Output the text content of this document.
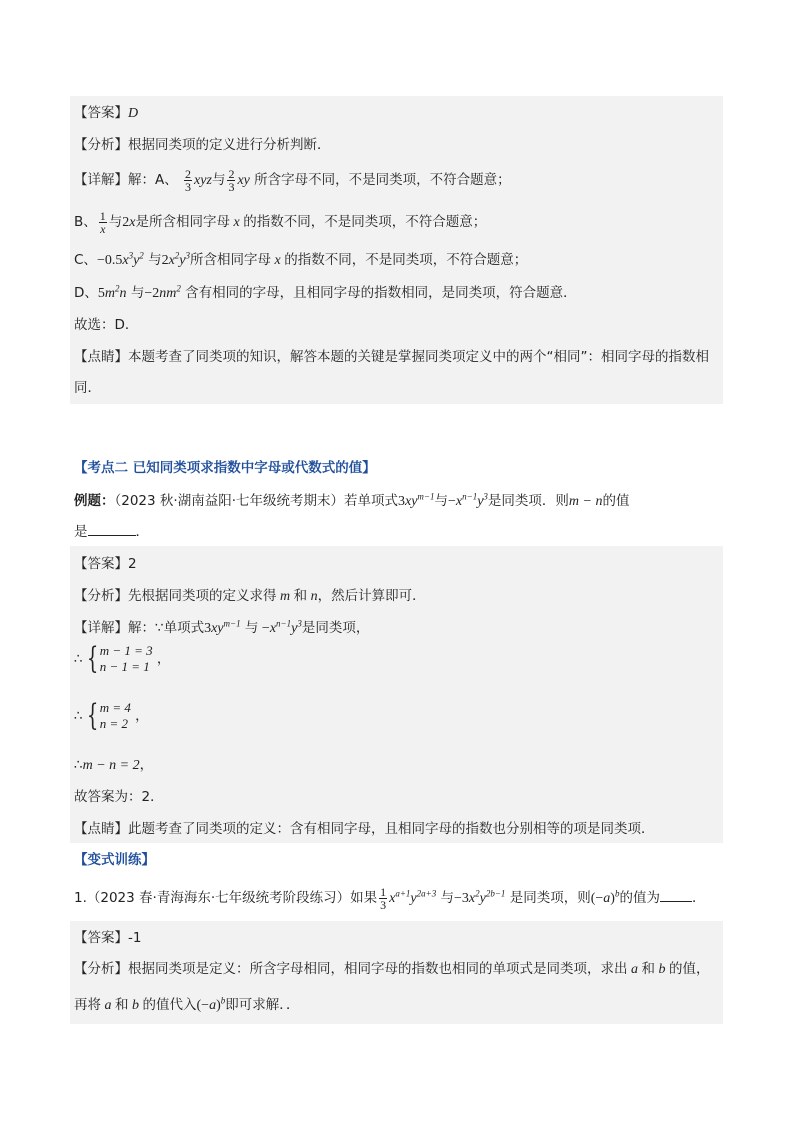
【答案】D
【分析】根据同类项的定义进行分析判断．
【详解】解：A、 $\frac{2}{3}$ xyz与 $\frac{2}{3}$ xy 所含字母不同，不是同类项，不符合题意；
B、 $\frac{1}{x}$ 与2x是所含相同字母 x 的指数不同，不是同类项，不符合题意；
C、$-0.5x^3y^2$ 与$2x^2y^3$所含相同字母 x 的指数不同，不是同类项，不符合题意；
D、$5m^2n$ 与$-2nm^2$ 含有相同的字母，且相同字母的指数相同，是同类项，符合题意．
故选：D．
【点睛】本题考查了同类项的知识，解答本题的关键是掌握同类项定义中的两个“相同”：相同字母的指数相
同．
【考点二 已知同类项求指数中字母或代数式的值】
例题：（2023 秋·湖南益阳·七年级统考期末）若单项式$3xy^{m-1}$与$-x^{n-1}y^3$是同类项．则m − n的值
是	．
【答案】2
【分析】先根据同类项的定义求得 m 和 n，然后计算即可．
【详解】解：∵单项式$3xy^{m-1}$ 与 $-x^{n-1}y^3$是同类项，
∴ { m − 1 = 3
n − 1 = 1 ，
∴ { m = 4
n = 2 ，
∴m − n = 2，
故答案为：2．
【点睛】此题考查了同类项的定义：含有相同字母，且相同字母的指数也分别相等的项是同类项．
【变式训练】
1.（2023 春·青海海东·七年级统考阶段练习）如果 $\frac{1}{3} x^{a+1}y^{2a+3}$ 与$-3x^2y^{2b-1}$ 是同类项，则$(-a)^b$的值为 ．
【答案】-1
【分析】根据同类项是定义：所含字母相同，相同字母的指数也相同的单项式是同类项，求出 a 和 b 的值，
再将 a 和 b 的值代入$(-a)^b$即可求解．．
